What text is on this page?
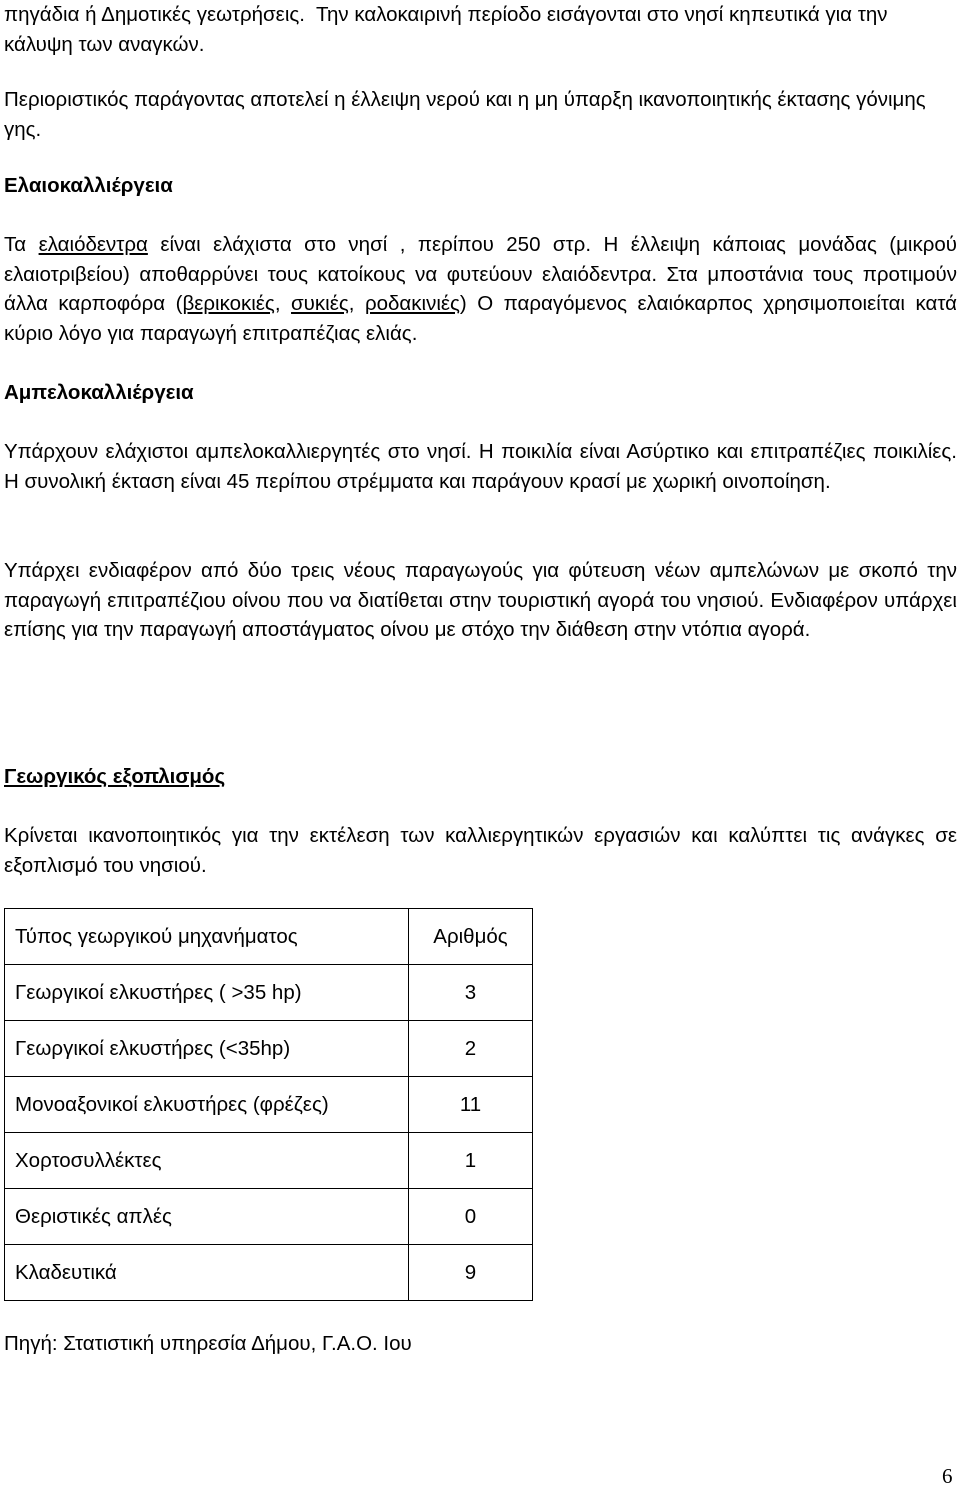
πηγάδια ή Δημοτικές γεωτρήσεις. Την καλοκαιρινή περίοδο εισάγονται στο νησί κηπευτικά για την κάλυψη των αναγκών.

Περιοριστικός παράγοντας αποτελεί η έλλειψη νερού και η μη ύπαρξη ικανοποιητικής έκτασης γόνιμης γης.

Ελαιοκαλλιέργεια

Τα ελαιόδεντρα είναι ελάχιστα στο νησί , περίπου 250 στρ. Η έλλειψη κάποιας μονάδας (μικρού ελαιοτριβείου) αποθαρρύνει τους κατοίκους να φυτεύουν ελαιόδεντρα. Στα μποστάνια τους προτιμούν άλλα καρποφόρα (βερικοκιές, συκιές, ροδακινιές) Ο παραγόμενος ελαιόκαρπος χρησιμοποιείται κατά κύριο λόγο για παραγωγή επιτραπέζιας ελιάς.

Αμπελοκαλλιέργεια

Υπάρχουν ελάχιστοι αμπελοκαλλιεργητές στο νησί. Η ποικιλία είναι Ασύρτικο και επιτραπέζιες ποικιλίες. Η συνολική έκταση είναι 45 περίπου στρέμματα και παράγουν κρασί με χωρική οινοποίηση.

Υπάρχει ενδιαφέρον από δύο τρεις νέους παραγωγούς για φύτευση νέων αμπελώνων με σκοπό την παραγωγή επιτραπέζιου οίνου που να διατίθεται στην τουριστική αγορά του νησιού. Ενδιαφέρον υπάρχει επίσης για την παραγωγή αποστάγματος οίνου με στόχο την διάθεση στην ντόπια αγορά.

Γεωργικός εξοπλισμός

Κρίνεται ικανοποιητικός για την εκτέλεση των καλλιεργητικών εργασιών και καλύπτει τις ανάγκες σε εξοπλισμό του νησιού.

Τύπος γεωργικού μηχανήματος	Αριθμός
Γεωργικοί ελκυστήρες ( >35 hp)	3
Γεωργικοί ελκυστήρες (<35hp)	2
Μονοαξονικοί ελκυστήρες (φρέζες)	11
Χορτοσυλλέκτες	1
Θεριστικές απλές	0
Κλαδευτικά	9

Πηγή: Στατιστική υπηρεσία Δήμου, Γ.Α.Ο. Ιου

6
